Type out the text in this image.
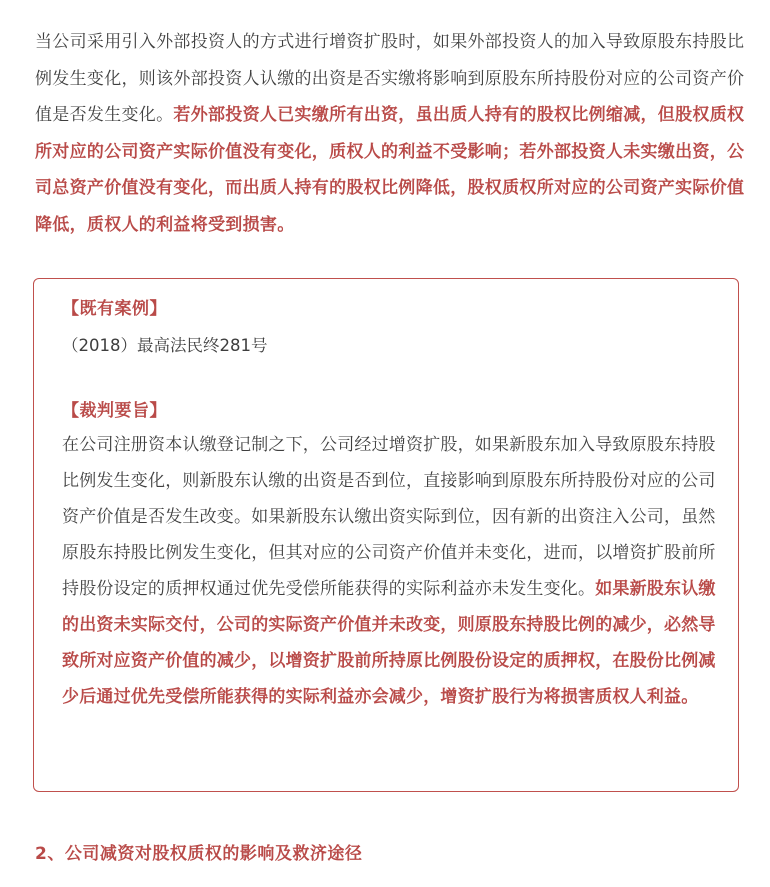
当公司采用引入外部投资人的方式进行增资扩股时，如果外部投资人的加入导致原股东持股比例发生变化，则该外部投资人认缴的出资是否实缴将影响到原股东所持股份对应的公司资产价值是否发生变化。若外部投资人已实缴所有出资，虽出质人持有的股权比例缩减，但股权质权所对应的公司资产实际价值没有变化，质权人的利益不受影响；若外部投资人未实缴出资，公司总资产价值没有变化，而出质人持有的股权比例降低，股权质权所对应的公司资产实际价值降低，质权人的利益将受到损害。
【既有案例】
（2018）最高法民终281号
【裁判要旨】
在公司注册资本认缴登记制之下，公司经过增资扩股，如果新股东加入导致原股东持股比例发生变化，则新股东认缴的出资是否到位，直接影响到原股东所持股份对应的公司资产价值是否发生改变。如果新股东认缴出资实际到位，因有新的出资注入公司，虽然原股东持股比例发生变化，但其对应的公司资产价值并未变化，进而，以增资扩股前所持股份设定的质押权通过优先受偿所能获得的实际利益亦未发生变化。如果新股东认缴的出资未实际交付，公司的实际资产价值并未改变，则原股东持股比例的减少，必然导致所对应资产价值的减少，以增资扩股前所持原比例股份设定的质押权，在股份比例减少后通过优先受偿所能获得的实际利益亦会减少，增资扩股行为将损害质权人利益。
2、公司减资对股权质权的影响及救济途径
